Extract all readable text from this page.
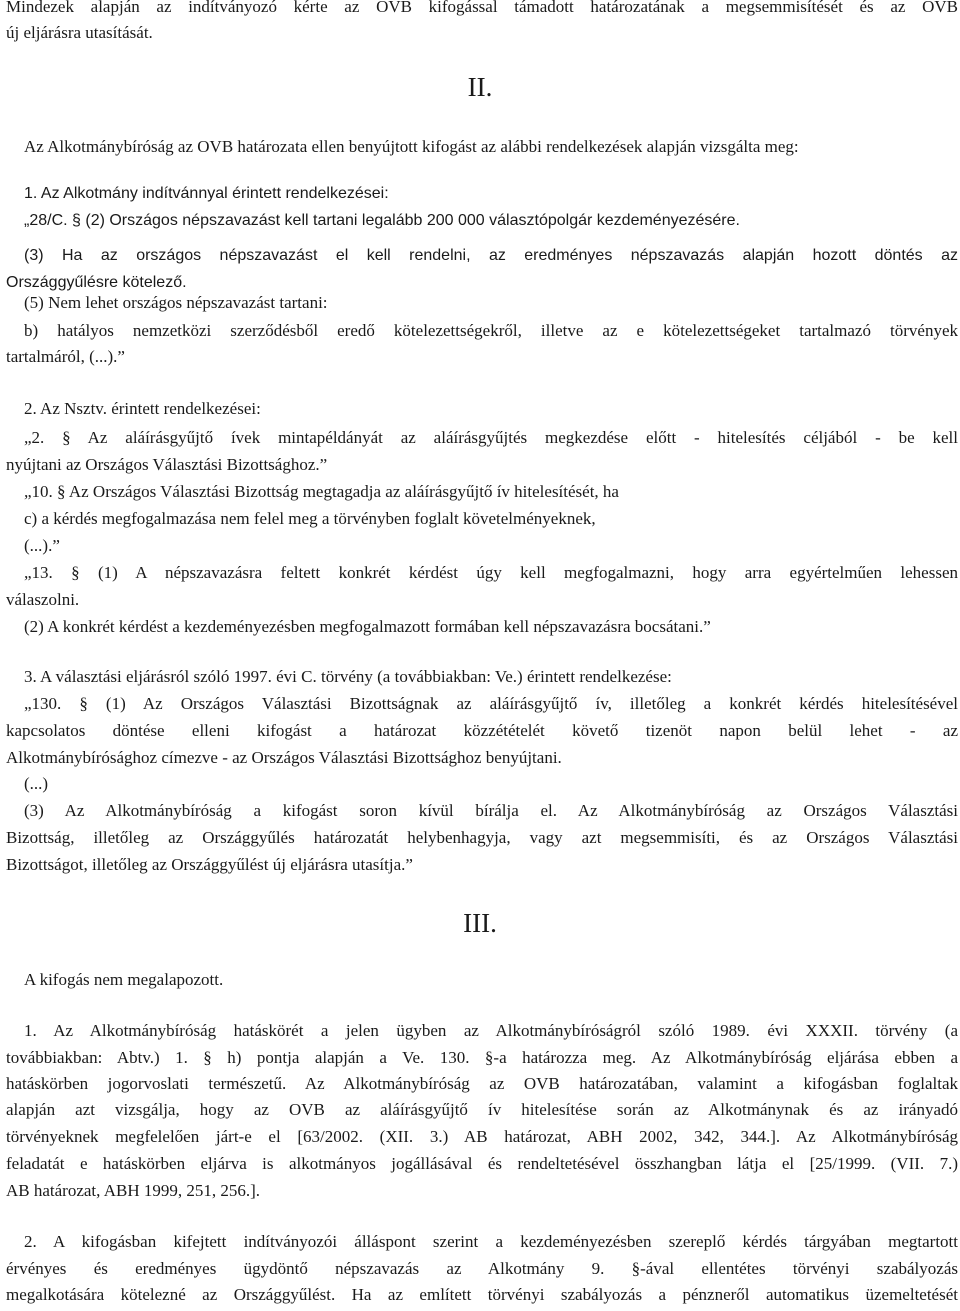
Mindezek alapján az indítványozó kérte az OVB kifogással támadott határozatának a megsemmisítését és az OVB
új eljárásra utasítását.
II.
Az Alkotmánybíróság az OVB határozata ellen benyújtott kifogást az alábbi rendelkezések alapján vizsgálta meg:
1. Az Alkotmány indítvánnyal érintett rendelkezései:
„28/C. § (2) Országos népszavazást kell tartani legalább 200 000 választópolgár kezdeményezésére.
(3) Ha az országos népszavazást el kell rendelni, az eredményes népszavazás alapján hozott döntés az
Országgyűlésre kötelező.
(5) Nem lehet országos népszavazást tartani:
b) hatályos nemzetközi szerződésből eredő kötelezettségekről, illetve az e kötelezettségeket tartalmazó törvények
tartalmáról, (...).”
2. Az Nsztv. érintett rendelkezései:
„2. § Az aláírásgyűjtő ívek mintapéldányát az aláírásgyűjtés megkezdése előtt - hitelesítés céljából - be kell
nyújtani az Országos Választási Bizottsághoz.”
„10. § Az Országos Választási Bizottság megtagadja az aláírásgyűjtő ív hitelesítését, ha
c) a kérdés megfogalmazása nem felel meg a törvényben foglalt követelményeknek,
(...).”
„13. § (1) A népszavazásra feltett konkrét kérdést úgy kell megfogalmazni, hogy arra egyértelműen lehessen
válaszolni.
(2) A konkrét kérdést a kezdeményezésben megfogalmazott formában kell népszavazásra bocsátani.”
3. A választási eljárásról szóló 1997. évi C. törvény (a továbbiakban: Ve.) érintett rendelkezése:
„130. § (1) Az Országos Választási Bizottságnak az aláírásgyűjtő ív, illetőleg a konkrét kérdés hitelesítésével
kapcsolatos döntése elleni kifogást a határozat közzétételét követő tizenöt napon belül lehet - az
Alkotmánybírósághoz címezve - az Országos Választási Bizottsághoz benyújtani.
(...)
(3) Az Alkotmánybíróság a kifogást soron kívül bírálja el. Az Alkotmánybíróság az Országos Választási
Bizottság, illetőleg az Országgyűlés határozatát helybenhagyja, vagy azt megsemmisíti, és az Országos Választási
Bizottságot, illetőleg az Országgyűlést új eljárásra utasítja.”
III.
A kifogás nem megalapozott.
1. Az Alkotmánybíróság hatáskörét a jelen ügyben az Alkotmánybíróságról szóló 1989. évi XXXII. törvény (a
továbbiakban: Abtv.) 1. § h) pontja alapján a Ve. 130. §-a határozza meg. Az Alkotmánybíróság eljárása ebben a
hatáskörben jogorvoslati természetű. Az Alkotmánybíróság az OVB határozatában, valamint a kifogásban foglaltak
alapján azt vizsgálja, hogy az OVB az aláírásgyűjtő ív hitelesítése során az Alkotmánynak és az irányadó
törvényeknek megfelelően járt-e el [63/2002. (XII. 3.) AB határozat, ABH 2002, 342, 344.]. Az Alkotmánybíróság
feladatát e hatáskörben eljárva is alkotmányos jogállásával és rendeltetésével összhangban látja el [25/1999. (VII. 7.)
AB határozat, ABH 1999, 251, 256.].
2. A kifogásban kifejtett indítványozói álláspont szerint a kezdeményezésben szereplő kérdés tárgyában megtartott
érvényes és eredményes ügydöntő népszavazás az Alkotmány 9. §-ával ellentétes törvényi szabályozás
megalkotására kötelezné az Országgyűlést. Ha az említett törvényi szabályozás a pénzneről automatikus üzemeltetését
